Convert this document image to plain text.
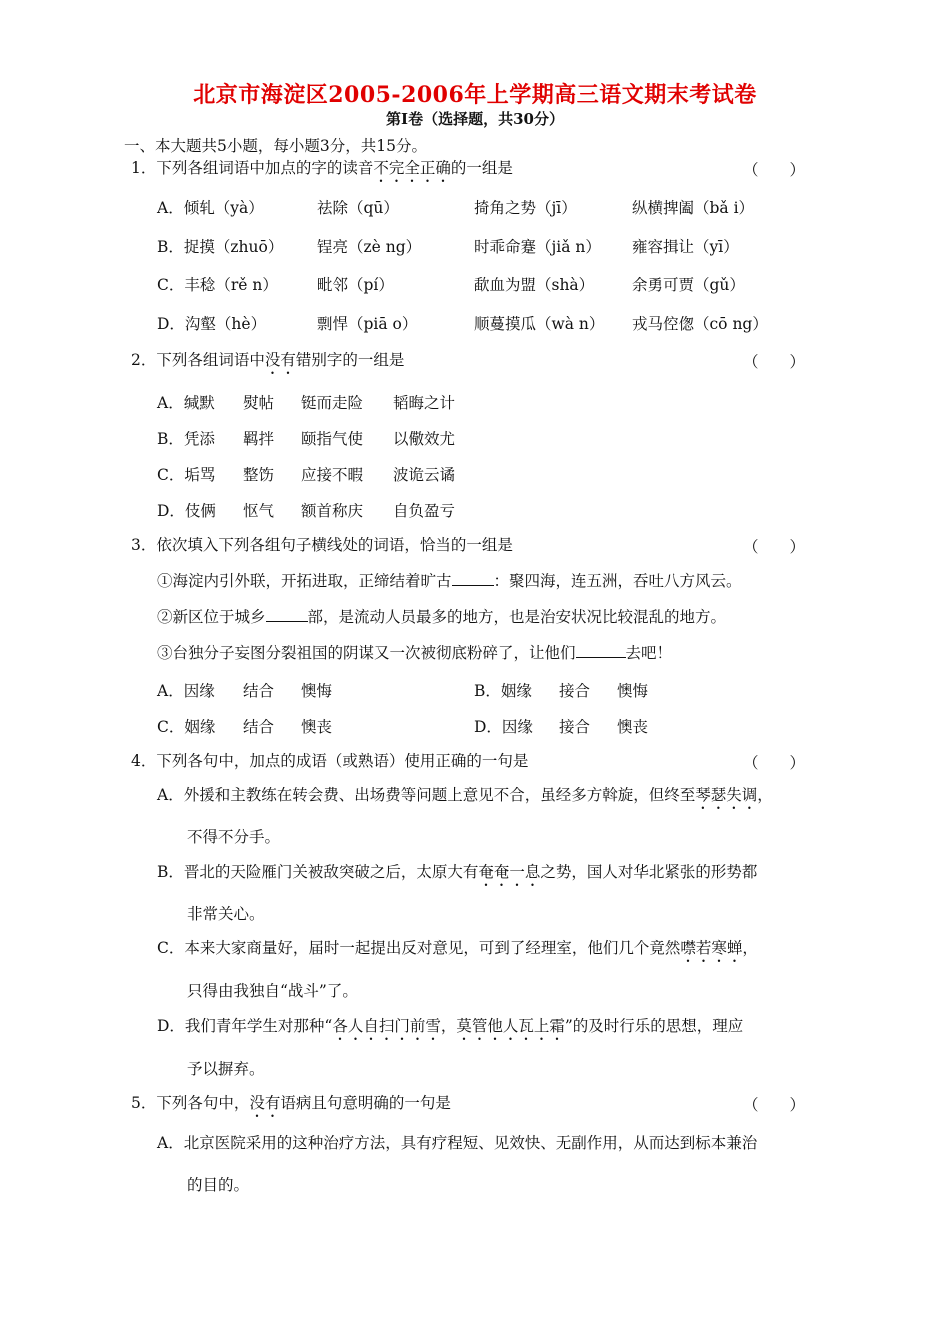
北京市海淀区2005-2006年上学期高三语文期末考试卷
第Ⅰ卷（选择题，共30分）
一、本大题共5小题，每小题3分，共15分。
1．下列各组词语中加点的字的读音不完全正确的一组是	（　　）
A．倾轧（yà）	祛除（qū）	掎角之势（jī）	纵横捭阖（bǎ i）
B．捉摸（zhuō） 锃亮（zè ng）	时乖命蹇（jiǎ n） 雍容揖让（yī）
C．丰稔（rě n）	毗邻（pí）	歃血为盟（shà） 余勇可贾（gǔ）
D．沟壑（hè）	剽悍（piā o）	顺蔓摸瓜（wà n） 戎马倥偬（cō ng）
2．下列各组词语中没有错别字的一组是	（　　）
A．缄默 熨帖 铤而走险 韬晦之计
B．凭添 羁拌 颐指气使 以儆效尤
C．垢骂 整饬 应接不暇 波诡云谲
D．伎俩 怄气 额首称庆 自负盈亏
3．依次填入下列各组句子横线处的词语，恰当的一组是	（　　）
①海淀内引外联，开拓进取，正缔结着旷古	：聚四海，连五洲，吞吐八方风云。
②新区位于城乡	部，是流动人员最多的地方，也是治安状况比较混乱的地方。
③台独分子妄图分裂祖国的阴谋又一次被彻底粉碎了，让他们	去吧！
A．因缘 结合 懊悔	B．姻缘 接合 懊悔
C．姻缘 结合 懊丧	D．因缘 接合 懊丧
4．下列各句中，加点的成语（或熟语）使用正确的一句是	（　　）
A．外援和主教练在转会费、出场费等问题上意见不合，虽经多方斡旋，但终至琴瑟失调，
不得不分手。
B．晋北的天险雁门关被敌突破之后，太原大有奄奄一息之势，国人对华北紧张的形势都
非常关心。
C．本来大家商量好，届时一起提出反对意见，可到了经理室，他们几个竟然噤若寒蝉，
只得由我独自“战斗”了。
D．我们青年学生对那种“各人自扫门前雪，莫管他人瓦上霜”的及时行乐的思想，理应
予以摒弃。
5．下列各句中，没有语病且句意明确的一句是	（　　）
A．北京医院采用的这种治疗方法，具有疗程短、见效快、无副作用，从而达到标本兼治
的目的。
